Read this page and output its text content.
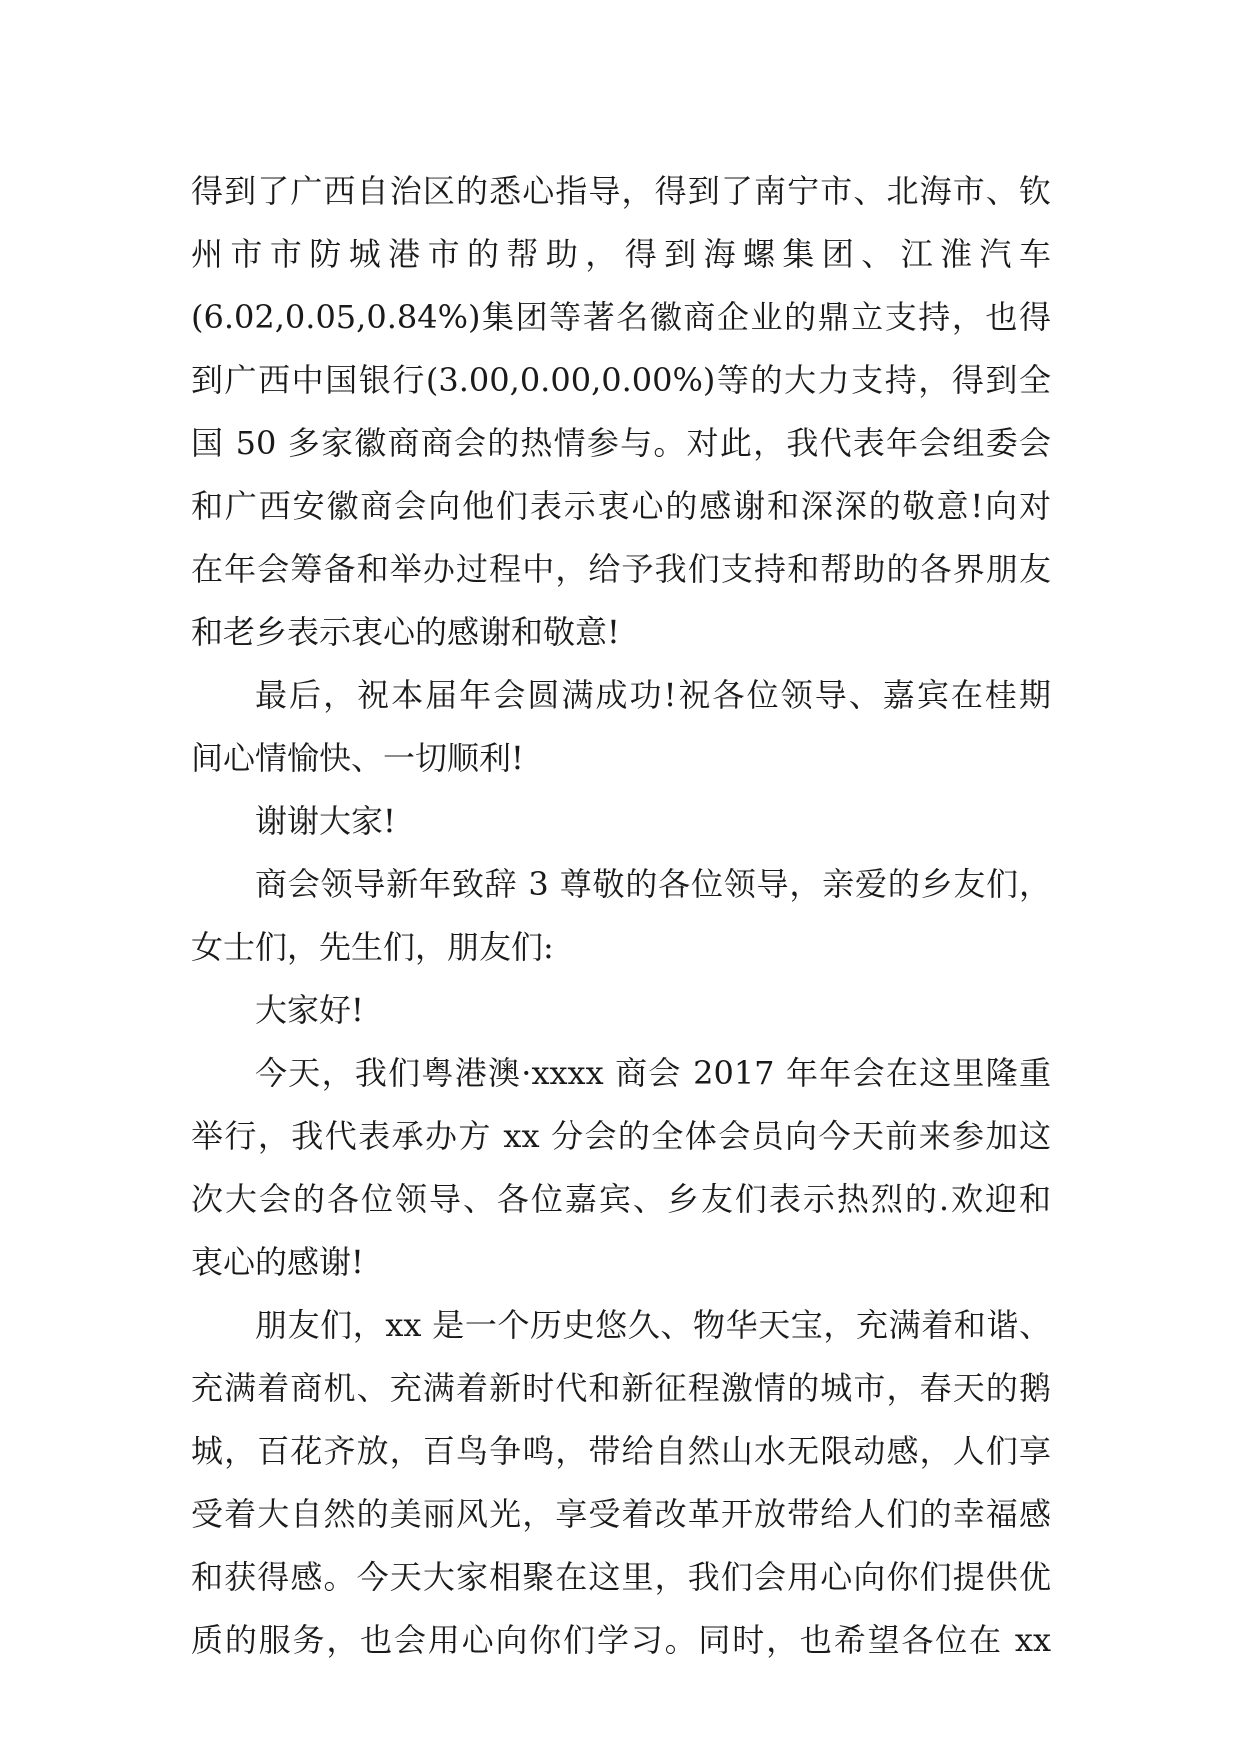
得到了广西自治区的悉心指导，得到了南宁市、北海市、钦
州市市防城港市的帮助，得到海螺集团、江淮汽车
(6.02,0.05,0.84%)集团等著名徽商企业的鼎立支持，也得
到广西中国银行(3.00,0.00,0.00%)等的大力支持，得到全
国 50 多家徽商商会的热情参与。对此，我代表年会组委会
和广西安徽商会向他们表示衷心的感谢和深深的敬意!向对
在年会筹备和举办过程中，给予我们支持和帮助的各界朋友
和老乡表示衷心的感谢和敬意!
最后，祝本届年会圆满成功!祝各位领导、嘉宾在桂期
间心情愉快、一切顺利!
谢谢大家!
商会领导新年致辞 3 尊敬的各位领导，亲爱的乡友们，
女士们，先生们，朋友们:
大家好!
今天，我们粤港澳·xxxx 商会 2017 年年会在这里隆重
举行，我代表承办方 xx 分会的全体会员向今天前来参加这
次大会的各位领导、各位嘉宾、乡友们表示热烈的.欢迎和
衷心的感谢!
朋友们，xx 是一个历史悠久、物华天宝，充满着和谐、
充满着商机、充满着新时代和新征程激情的城市，春天的鹅
城，百花齐放，百鸟争鸣，带给自然山水无限动感，人们享
受着大自然的美丽风光，享受着改革开放带给人们的幸福感
和获得感。今天大家相聚在这里，我们会用心向你们提供优
质的服务，也会用心向你们学习。同时，也希望各位在 xx
